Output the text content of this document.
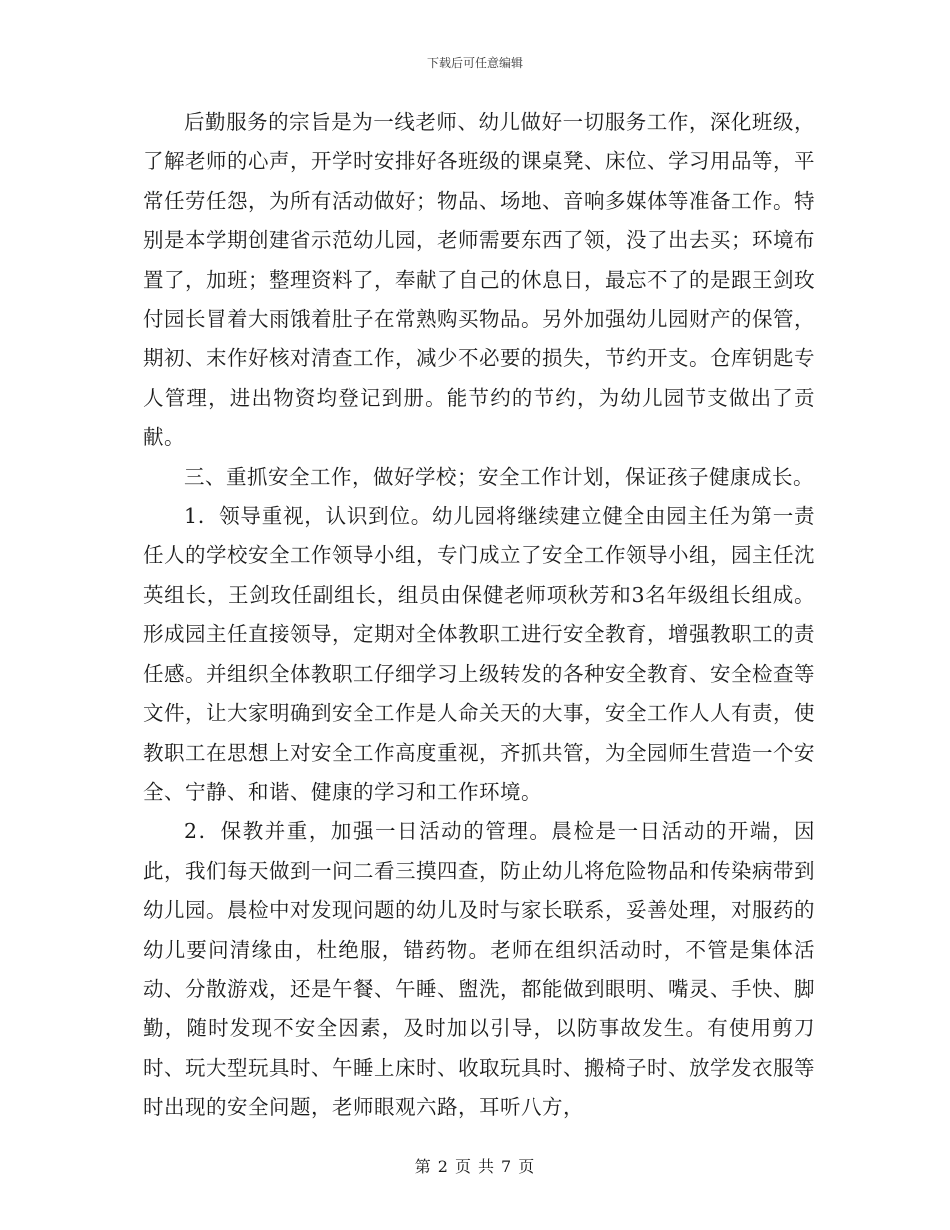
下载后可任意编辑

后勤服务的宗旨是为一线老师、幼儿做好一切服务工作，深化班级，了解老师的心声，开学时安排好各班级的课桌凳、床位、学习用品等，平常任劳任怨，为所有活动做好；物品、场地、音响多媒体等准备工作。特别是本学期创建省示范幼儿园，老师需要东西了领，没了出去买；环境布置了，加班；整理资料了，奉献了自己的休息日，最忘不了的是跟王剑玫付园长冒着大雨饿着肚子在常熟购买物品。另外加强幼儿园财产的保管，期初、末作好核对清查工作，减少不必要的损失，节约开支。仓库钥匙专人管理，进出物资均登记到册。能节约的节约，为幼儿园节支做出了贡献。

三、重抓安全工作，做好学校；安全工作计划，保证孩子健康成长。

1．领导重视，认识到位。幼儿园将继续建立健全由园主任为第一责任人的学校安全工作领导小组，专门成立了安全工作领导小组，园主任沈英组长，王剑玫任副组长，组员由保健老师项秋芳和3名年级组长组成。形成园主任直接领导，定期对全体教职工进行安全教育，增强教职工的责任感。并组织全体教职工仔细学习上级转发的各种安全教育、安全检查等文件，让大家明确到安全工作是人命关天的大事，安全工作人人有责，使教职工在思想上对安全工作高度重视，齐抓共管，为全园师生营造一个安全、宁静、和谐、健康的学习和工作环境。

2．保教并重，加强一日活动的管理。晨检是一日活动的开端，因此，我们每天做到一问二看三摸四查，防止幼儿将危险物品和传染病带到幼儿园。晨检中对发现问题的幼儿及时与家长联系，妥善处理，对服药的幼儿要问清缘由，杜绝服，错药物。老师在组织活动时，不管是集体活动、分散游戏，还是午餐、午睡、盥洗，都能做到眼明、嘴灵、手快、脚勤，随时发现不安全因素，及时加以引导，以防事故发生。有使用剪刀时、玩大型玩具时、午睡上床时、收取玩具时、搬椅子时、放学发衣服等时出现的安全问题，老师眼观六路，耳听八方，

第 2 页 共 7 页
